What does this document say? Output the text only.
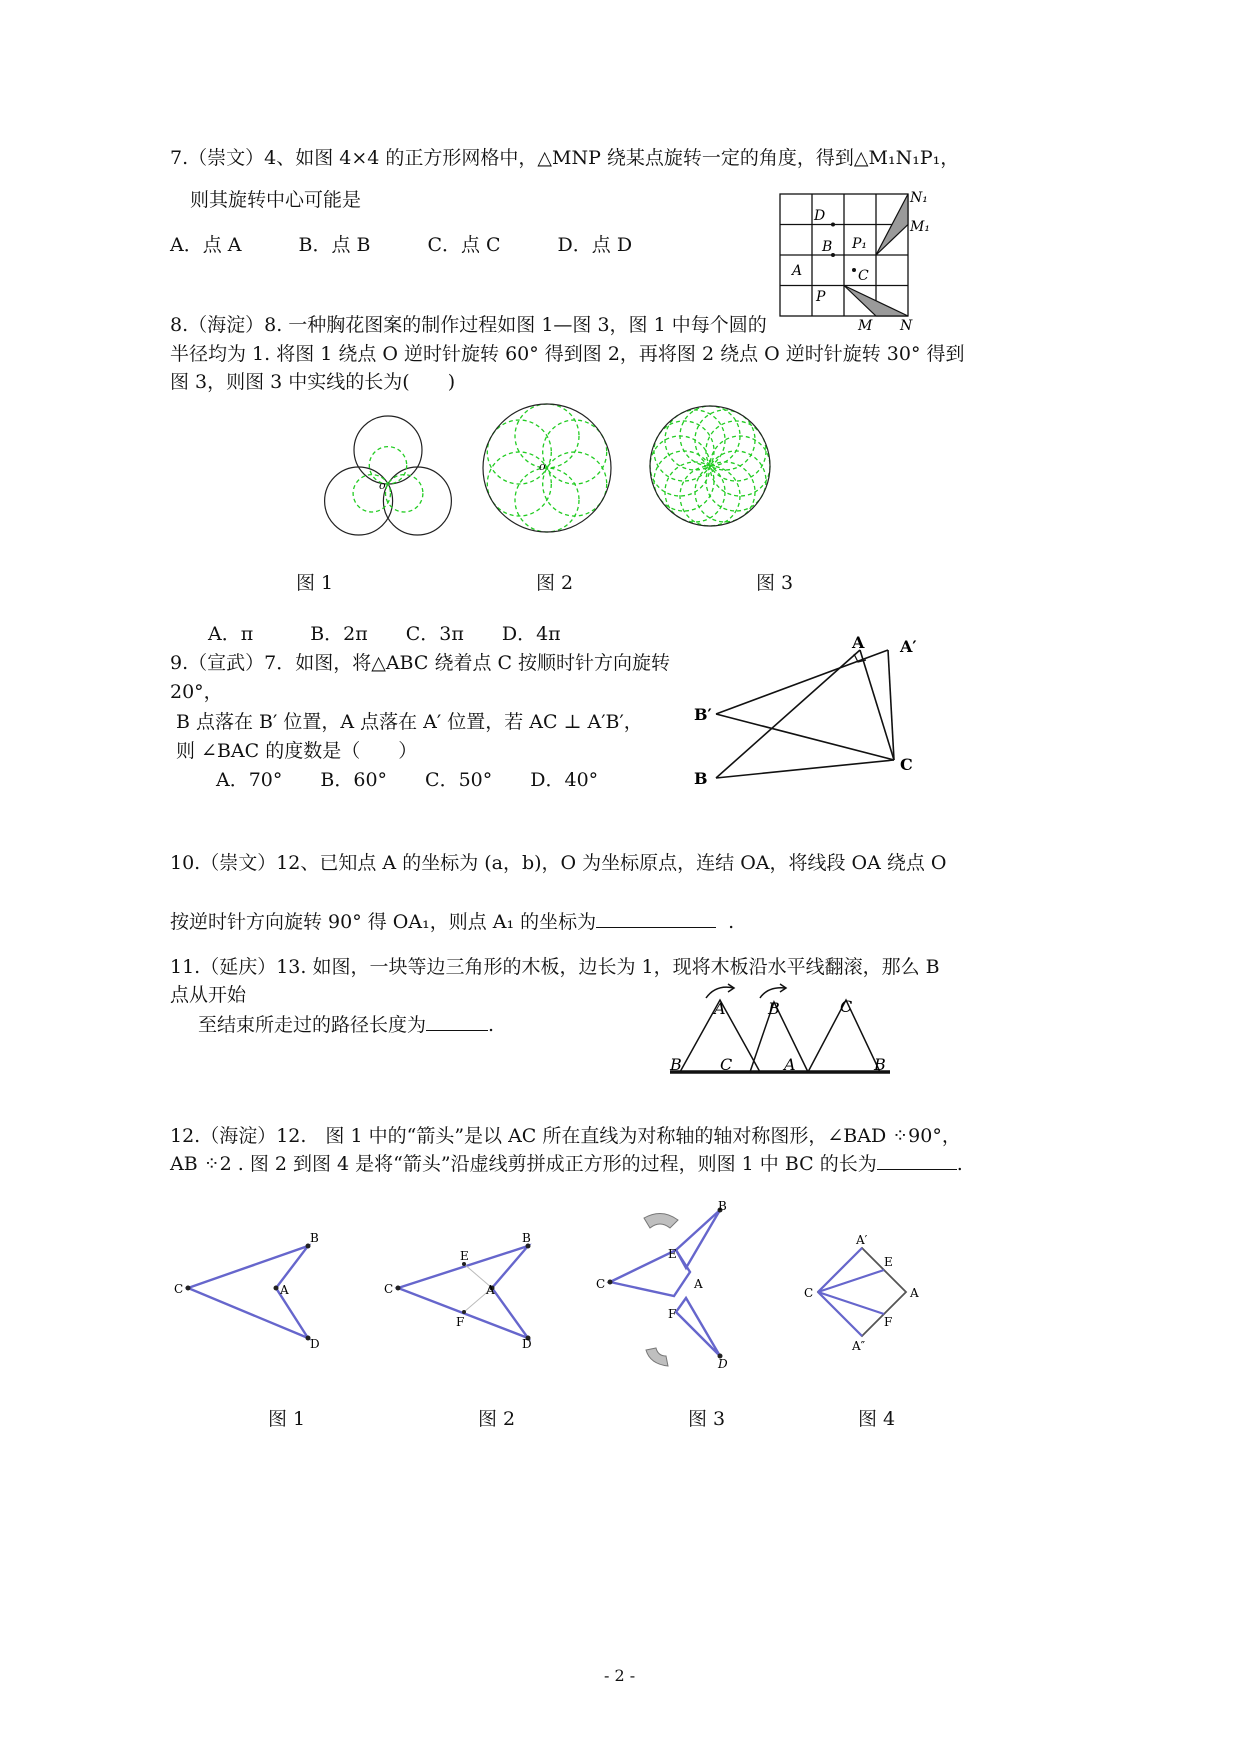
7.（崇文）4、如图 4×4 的正方形网格中，△MNP 绕某点旋转一定的角度，得到△M₁N₁P₁，
则其旋转中心可能是
A．点 A　　　B．点 B　　　C．点 C　　　D．点 D
N₁
M₁
D
B P₁
A	C
P
M N
8.（海淀）8. 一种胸花图案的制作过程如图 1—图 3，图 1 中每个圆的
半径均为 1. 将图 1 绕点 O 逆时针旋转 60° 得到图 2，再将图 2 绕点 O 逆时针旋转 30° 得到
图 3，则图 3 中实线的长为(　　)
o
o
图 1	图 2	图 3
A．π　　　B．2π　　C．3π　　D．4π
9.（宣武）7．如图，将△ABC 绕着点 C 按顺时针方向旋转
20°，
B 点落在 B′ 位置，A 点落在 A′ 位置，若 AC ⊥ A′B′，
则 ∠BAC 的度数是（　　）
A．70°　　B．60°　　C．50°　　D．40°
A A′
B′
B
C
10.（崇文）12、已知点 A 的坐标为 (a，b)，O 为坐标原点，连结 OA，将线段 OA 绕点 O
按逆时针方向旋转 90° 得 OA₁，则点 A₁ 的坐标为	.
11.（延庆）13. 如图，一块等边三角形的木板，边长为 1，现将木板沿水平线翻滚，那么 B
点从开始
至结束所走过的路径长度为	.
A	B	C
B C	A	B
12.（海淀）12.　图 1 中的“箭头”是以 AC 所在直线为对称轴的轴对称图形，∠BAD ⁘90°，
AB ⁘2 . 图 2 到图 4 是将“箭头”沿虚线剪拼成正方形的过程，则图 1 中 BC 的长为	.
B
C	A
D
E
B
C	A
F
D
B
E
C	A
F
D
A′
E
C	A
F
A″
图 1	图 2	图 3	图 4
- 2 -
